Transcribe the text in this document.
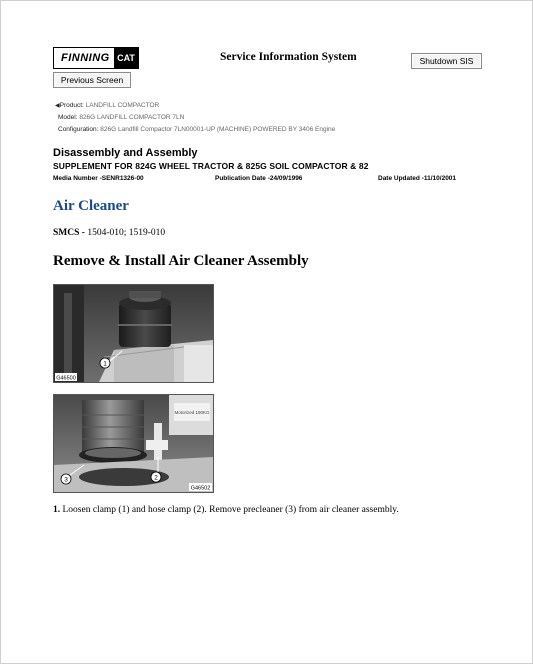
FINNING CAT
Previous Screen
Service Information System	Shutdown SIS
◀Product: LANDFILL COMPACTOR
Model: 826G LANDFILL COMPACTOR 7LN
Configuration: 826G Landfill Compactor 7LN00001-UP (MACHINE) POWERED BY 3406 Engine
Disassembly and Assembly
SUPPLEMENT FOR 824G WHEEL TRACTOR & 825G SOIL COMPACTOR & 82
Media Number -SENR1326-00	Publication Date -24/09/1996	Date Updated -11/10/2001
Air Cleaner
SMCS - 1504-010; 1519-010
Remove & Install Air Cleaner Assembly
1
G46500
Motorized 190KG
3	2
G46502
1. Loosen clamp (1) and hose clamp (2). Remove precleaner (3) from air cleaner assembly.
